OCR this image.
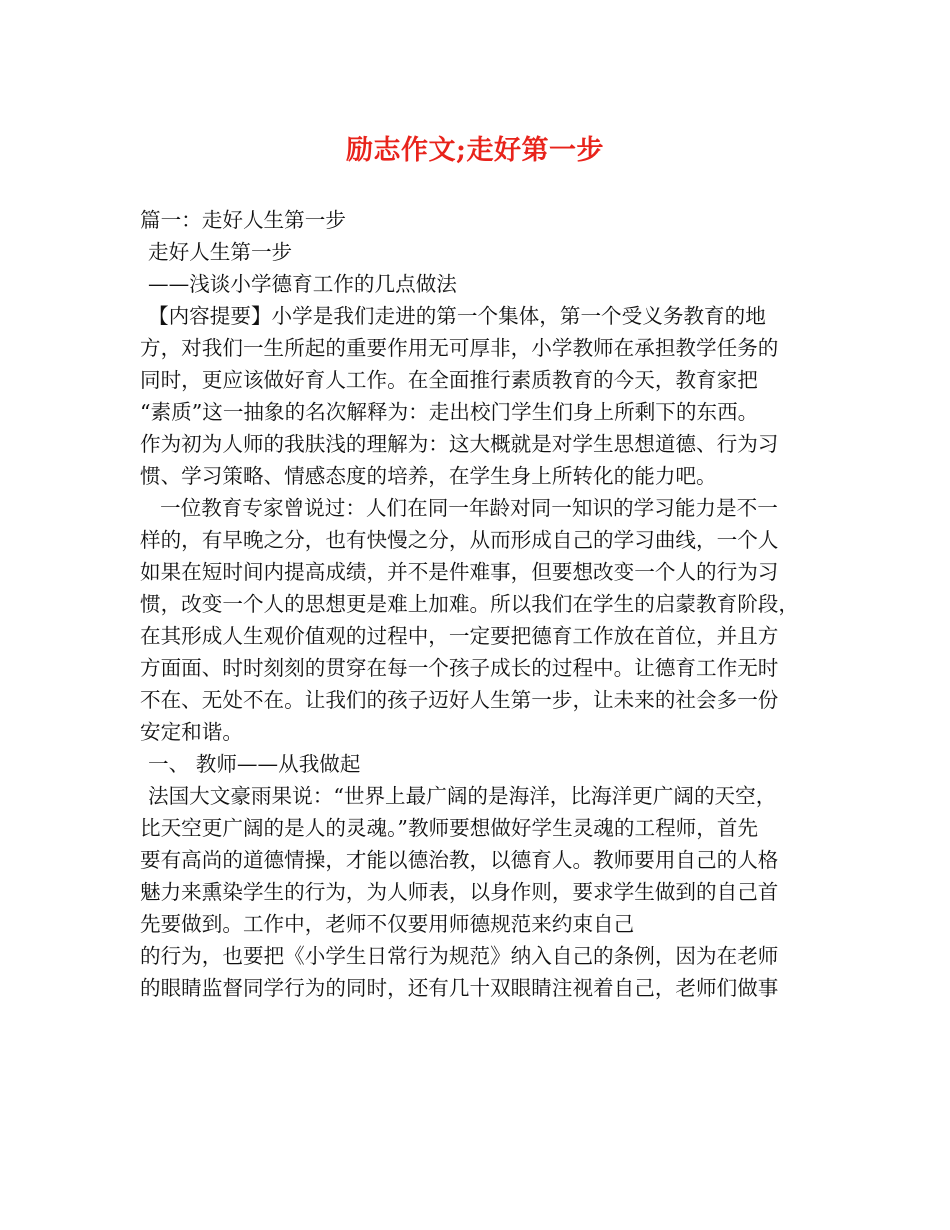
励志作文;走好第一步
篇一：走好人生第一步
走好人生第一步
——浅谈小学德育工作的几点做法
【内容提要】小学是我们走进的第一个集体，第一个受义务教育的地
方，对我们一生所起的重要作用无可厚非，小学教师在承担教学任务的
同时，更应该做好育人工作。在全面推行素质教育的今天，教育家把
“素质”这一抽象的名次解释为：走出校门学生们身上所剩下的东西。
作为初为人师的我肤浅的理解为：这大概就是对学生思想道德、行为习
惯、学习策略、情感态度的培养，在学生身上所转化的能力吧。
一位教育专家曾说过：人们在同一年龄对同一知识的学习能力是不一
样的，有早晚之分，也有快慢之分，从而形成自己的学习曲线，一个人
如果在短时间内提高成绩，并不是件难事，但要想改变一个人的行为习
惯，改变一个人的思想更是难上加难。所以我们在学生的启蒙教育阶段，
在其形成人生观价值观的过程中，一定要把德育工作放在首位，并且方
方面面、时时刻刻的贯穿在每一个孩子成长的过程中。让德育工作无时
不在、无处不在。让我们的孩子迈好人生第一步，让未来的社会多一份
安定和谐。
一、 教师——从我做起
法国大文豪雨果说：“世界上最广阔的是海洋，比海洋更广阔的天空，
比天空更广阔的是人的灵魂。”教师要想做好学生灵魂的工程师，首先
要有高尚的道德情操，才能以德治教，以德育人。教师要用自己的人格
魅力来熏染学生的行为，为人师表，以身作则，要求学生做到的自己首
先要做到。工作中，老师不仅要用师德规范来约束自己
的行为，也要把《小学生日常行为规范》纳入自己的条例，因为在老师
的眼睛监督同学行为的同时，还有几十双眼睛注视着自己，老师们做事
